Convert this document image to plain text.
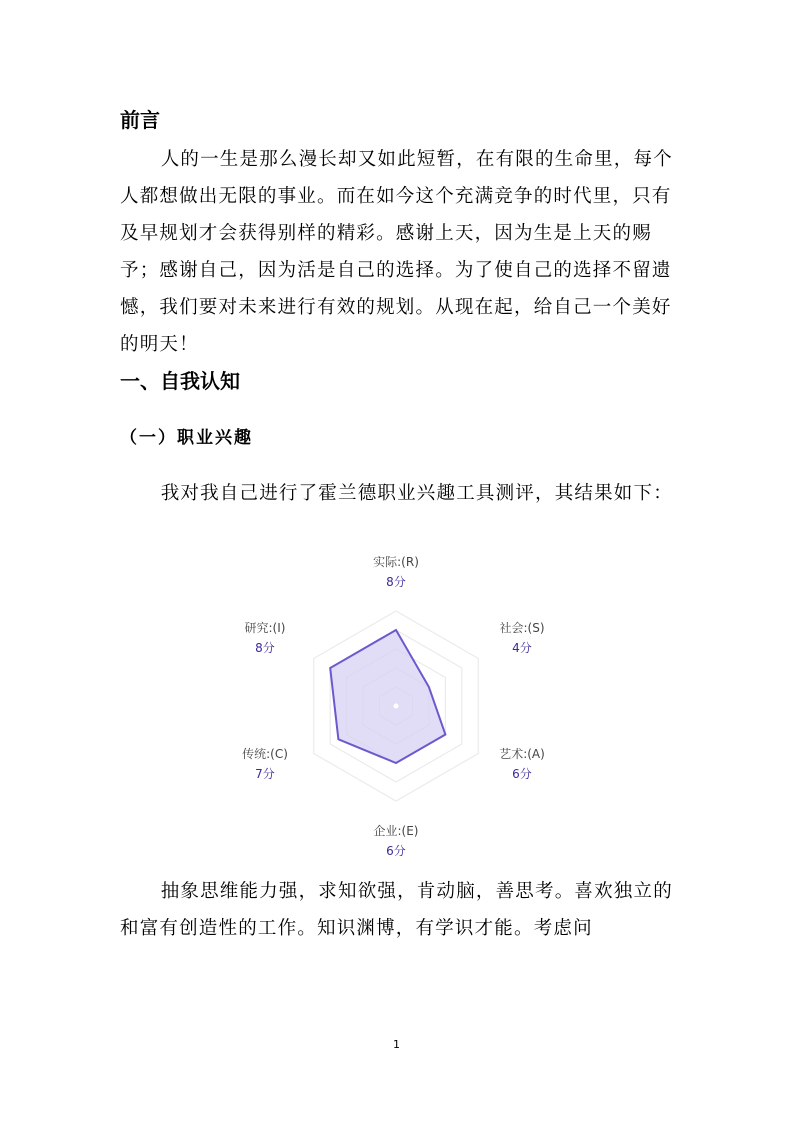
前言

人的一生是那么漫长却又如此短暂，在有限的生命里，每个人都想做出无限的事业。而在如今这个充满竞争的时代里，只有及早规划才会获得别样的精彩。感谢上天，因为生是上天的赐予；感谢自己，因为活是自己的选择。为了使自己的选择不留遗憾，我们要对未来进行有效的规划。从现在起，给自己一个美好的明天！

一、自我认知
（一）职业兴趣

我对我自己进行了霍兰德职业兴趣工具测评，其结果如下：

实际:(R)
8分
社会:(S)
4分
艺术:(A)
6分
企业:(E)
6分
传统:(C)
7分
研究:(I)
8分

抽象思维能力强，求知欲强，肯动脑，善思考。喜欢独立的和富有创造性的工作。知识渊博，有学识才能。考虑问

1
